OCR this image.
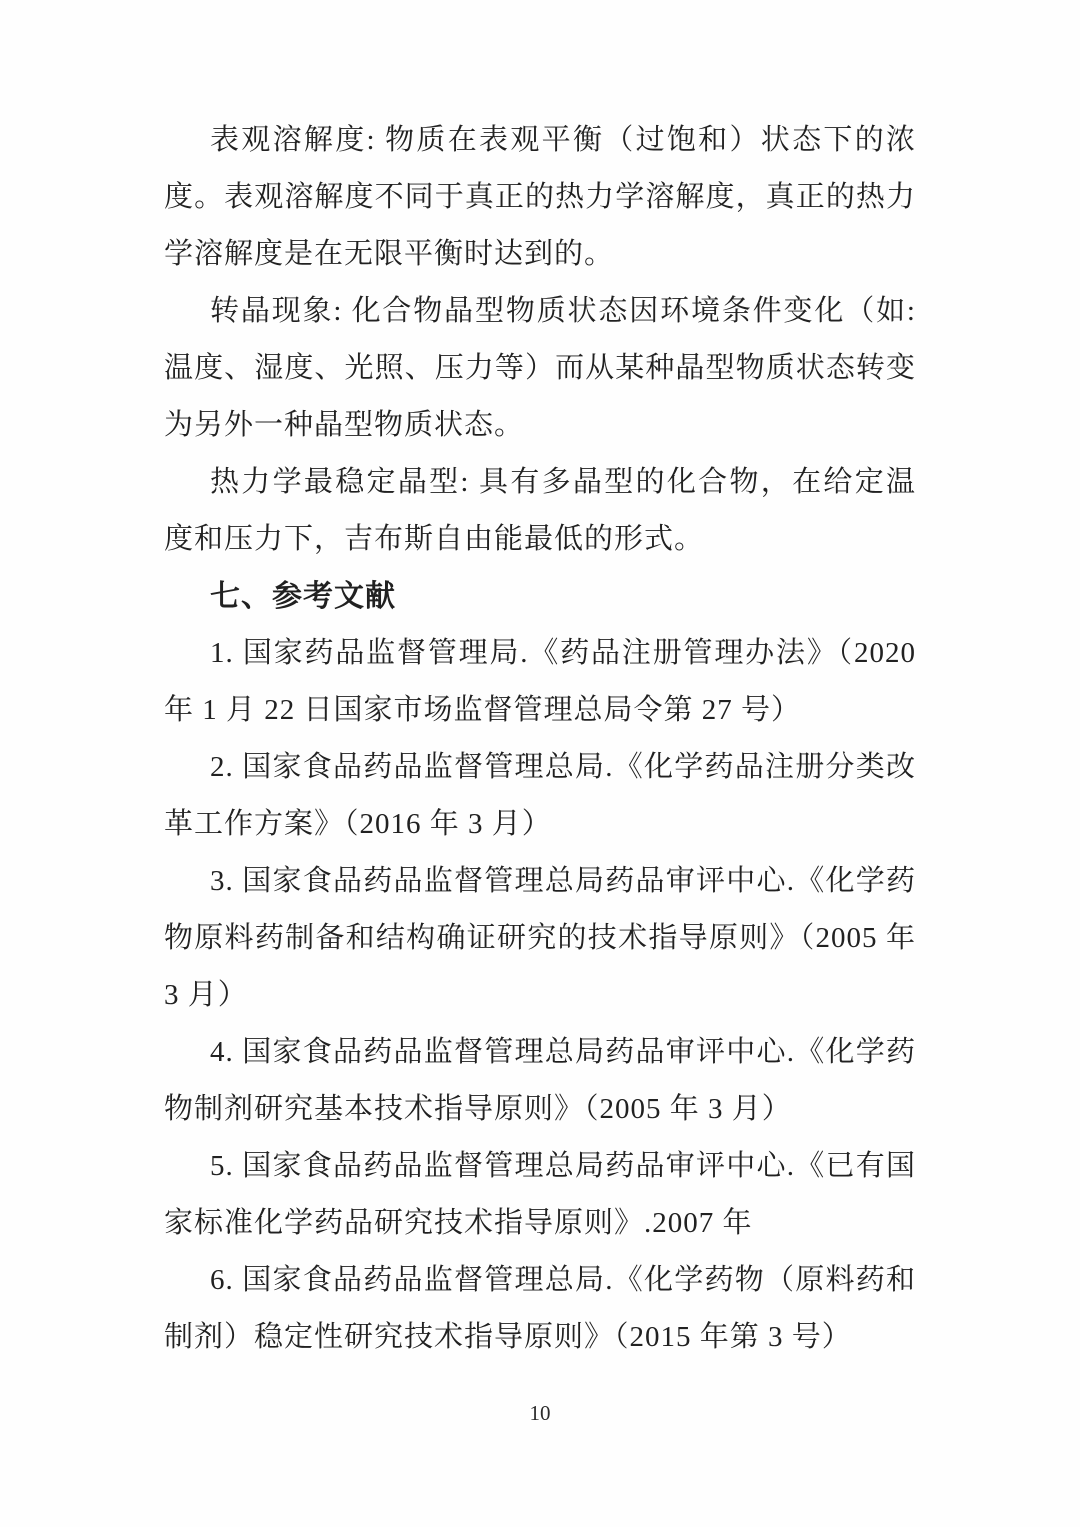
表观溶解度: 物质在表观平衡（过饱和）状态下的浓度。表观溶解度不同于真正的热力学溶解度，真正的热力学溶解度是在无限平衡时达到的。

转晶现象: 化合物晶型物质状态因环境条件变化（如: 温度、湿度、光照、压力等）而从某种晶型物质状态转变为另外一种晶型物质状态。

热力学最稳定晶型: 具有多晶型的化合物，在给定温度和压力下，吉布斯自由能最低的形式。

七、参考文献

1. 国家药品监督管理局.《药品注册管理办法》（2020 年 1 月 22 日国家市场监督管理总局令第 27 号）

2. 国家食品药品监督管理总局.《化学药品注册分类改革工作方案》（2016 年 3 月）

3. 国家食品药品监督管理总局药品审评中心.《化学药物原料药制备和结构确证研究的技术指导原则》（2005 年 3 月）

4. 国家食品药品监督管理总局药品审评中心.《化学药物制剂研究基本技术指导原则》（2005 年 3 月）

5. 国家食品药品监督管理总局药品审评中心.《已有国家标准化学药品研究技术指导原则》.2007 年

6. 国家食品药品监督管理总局.《化学药物（原料药和制剂）稳定性研究技术指导原则》（2015 年第 3 号）

10
